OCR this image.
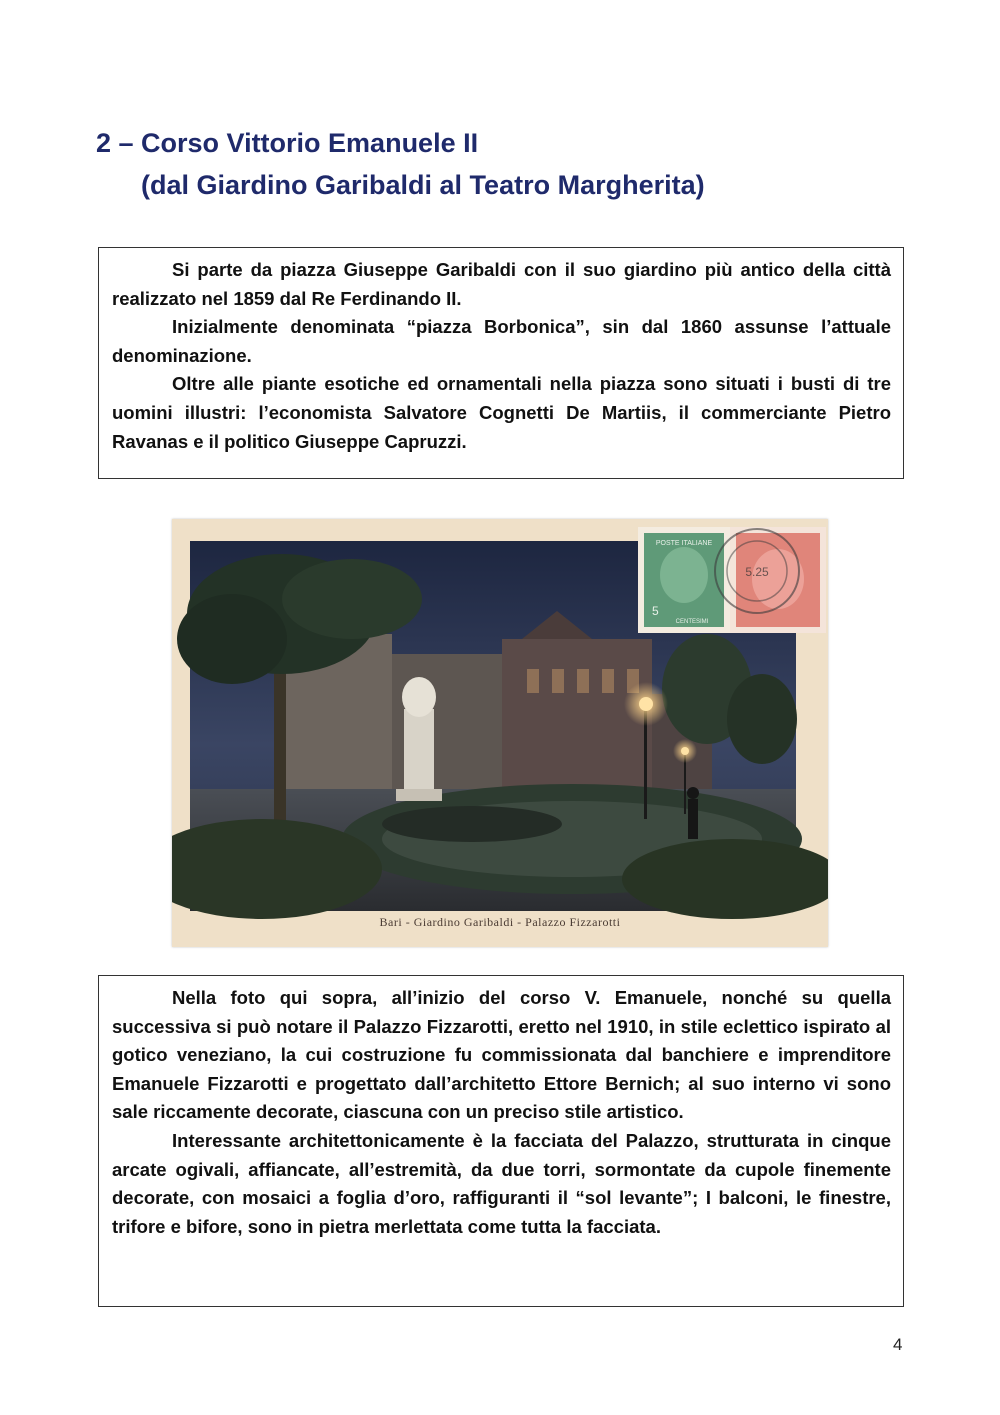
2 – Corso Vittorio Emanuele II
(dal Giardino Garibaldi al Teatro Margherita)

Si parte da piazza Giuseppe Garibaldi con il suo giardino più antico della città realizzato nel 1859 dal Re Ferdinando II.

Inizialmente denominata “piazza Borbonica”, sin dal 1860 assunse l’attuale denominazione.

Oltre alle piante esotiche ed ornamentali nella piazza sono situati i busti di tre uomini illustri: l’economista Salvatore Cognetti De Martiis, il commerciante Pietro Ravanas e il politico Giuseppe Capruzzi.

POSTE ITALIANE
5
CENTESIMI
5.25
Bari - Giardino Garibaldi - Palazzo Fizzarotti

Nella foto qui sopra, all’inizio del corso V. Emanuele, nonché su quella successiva si può notare il Palazzo Fizzarotti, eretto nel 1910, in stile eclettico ispirato al gotico veneziano, la cui costruzione fu commissionata dal banchiere e imprenditore Emanuele Fizzarotti e progettato dall’architetto Ettore Bernich; al suo interno vi sono sale riccamente decorate, ciascuna con un preciso stile artistico.

Interessante architettonicamente è la facciata del Palazzo, strutturata in cinque arcate ogivali, affiancate, all’estremità, da due torri, sormontate da cupole finemente decorate, con mosaici a foglia d’oro, raffiguranti il “sol levante”; I balconi, le finestre, trifore e bifore, sono in pietra merlettata come tutta la facciata.

4
